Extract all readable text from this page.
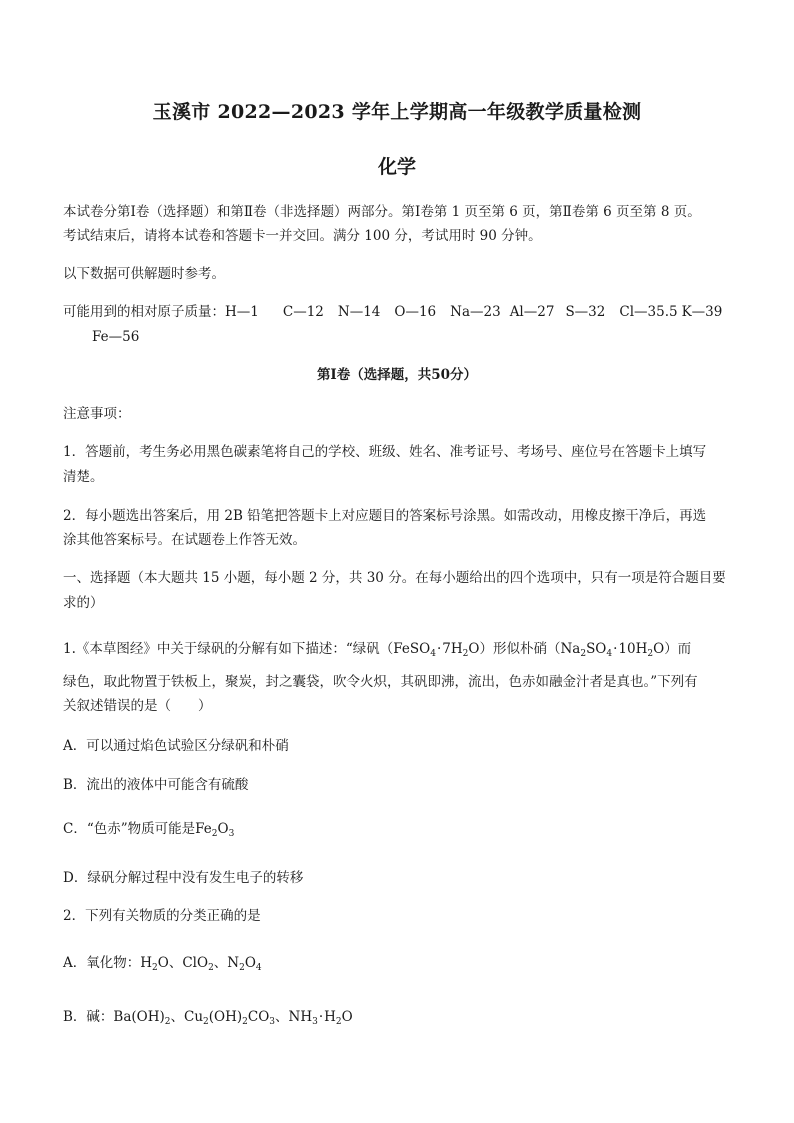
玉溪市 2022—2023 学年上学期高一年级教学质量检测
化学
本试卷分第Ⅰ卷（选择题）和第Ⅱ卷（非选择题）两部分。第Ⅰ卷第 1 页至第 6 页，第Ⅱ卷第 6 页至第 8 页。
考试结束后，请将本试卷和答题卡一并交回。满分 100 分，考试用时 90 分钟。
以下数据可供解题时参考。
可能用到的相对原子质量：H—1 C—12 N—14 O—16 Na—23 Al—27 S—32 Cl—35.5 K—39
Fe—56
第Ⅰ卷（选择题，共50分）
注意事项：
1．答题前，考生务必用黑色碳素笔将自己的学校、班级、姓名、准考证号、考场号、座位号在答题卡上填写
清楚。
2．每小题选出答案后，用 2B 铅笔把答题卡上对应题目的答案标号涂黑。如需改动，用橡皮擦干净后，再选
涂其他答案标号。在试题卷上作答无效。
一、选择题（本大题共 15 小题，每小题 2 分，共 30 分。在每小题给出的四个选项中，只有一项是符合题目要
求的）
1.《本草图经》中关于绿矾的分解有如下描述：“绿矾$(FeSO_4\cdot 7H_2O)$形似朴硝$(Na_2SO_4\cdot 10H_2O)$而
绿色，取此物置于铁板上，聚炭，封之囊袋，吹令火炽，其矾即沸，流出，色赤如融金汁者是真也。”下列有
关叙述错误的是（　　）
A．可以通过焰色试验区分绿矾和朴硝
B．流出的液体中可能含有硫酸
C．“色赤”物质可能是$Fe_2O_3$
D．绿矾分解过程中没有发生电子的转移
2．下列有关物质的分类正确的是
A．氧化物：$H_2O$、ClO$_2$、$N_2O_4$
B．碱：$Ba(OH)_2$、$Cu_2(OH)_2CO_3$、$NH_3\cdot H_2O$
